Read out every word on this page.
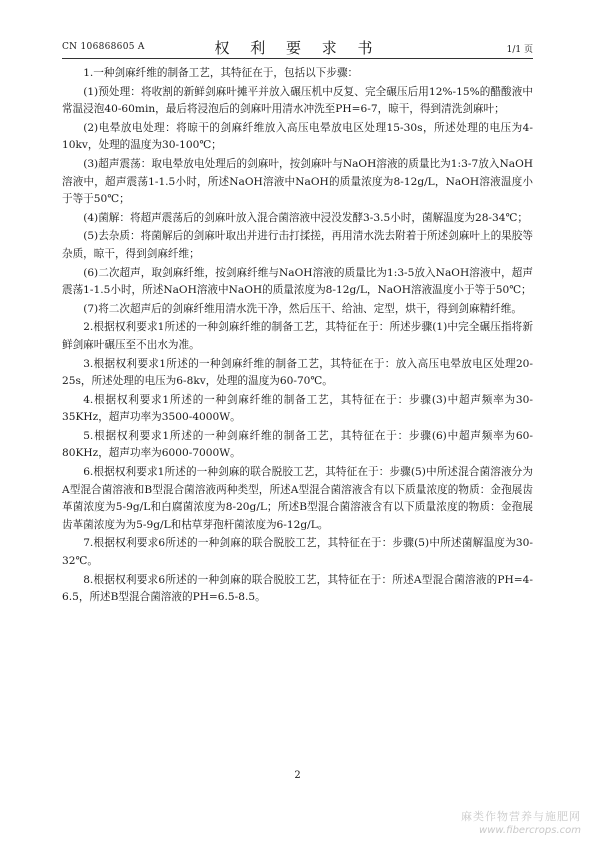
CN 106868605 A	权 利 要 求 书	1/1 页

1.一种剑麻纤维的制备工艺，其特征在于，包括以下步骤：

(1)预处理：将收割的新鲜剑麻叶摊平并放入碾压机中反复、完全碾压后用12%-15%的醋酸液中常温浸泡40-60min，最后将浸泡后的剑麻叶用清水冲洗至PH=6-7，晾干，得到清洗剑麻叶；

(2)电晕放电处理：将晾干的剑麻纤维放入高压电晕放电区处理15-30s，所述处理的电压为4-10kv，处理的温度为30-100℃；

(3)超声震荡：取电晕放电处理后的剑麻叶，按剑麻叶与NaOH溶液的质量比为1:3-7放入NaOH溶液中，超声震荡1-1.5小时，所述NaOH溶液中NaOH的质量浓度为8-12g/L，NaOH溶液温度小于等于50℃；

(4)菌解：将超声震荡后的剑麻叶放入混合菌溶液中浸没发酵3-3.5小时，菌解温度为28-34℃；

(5)去杂质：将菌解后的剑麻叶取出并进行击打揉搓，再用清水洗去附着于所述剑麻叶上的果胶等杂质，晾干，得到剑麻纤维；

(6)二次超声，取剑麻纤维，按剑麻纤维与NaOH溶液的质量比为1:3-5放入NaOH溶液中，超声震荡1-1.5小时，所述NaOH溶液中NaOH的质量浓度为8-12g/L，NaOH溶液温度小于等于50℃；

(7)将二次超声后的剑麻纤维用清水洗干净，然后压干、给油、定型，烘干，得到剑麻精纤维。

2.根据权利要求1所述的一种剑麻纤维的制备工艺，其特征在于：所述步骤(1)中完全碾压指将新鲜剑麻叶碾压至不出水为准。

3.根据权利要求1所述的一种剑麻纤维的制备工艺，其特征在于：放入高压电晕放电区处理20-25s，所述处理的电压为6-8kv，处理的温度为60-70℃。

4.根据权利要求1所述的一种剑麻纤维的制备工艺，其特征在于：步骤(3)中超声频率为30-35KHz，超声功率为3500-4000W。

5.根据权利要求1所述的一种剑麻纤维的制备工艺，其特征在于：步骤(6)中超声频率为60-80KHz，超声功率为6000-7000W。

6.根据权利要求1所述的一种剑麻的联合脱胶工艺，其特征在于：步骤(5)中所述混合菌溶液分为A型混合菌溶液和B型混合菌溶液两种类型，所述A型混合菌溶液含有以下质量浓度的物质：金孢展齿革菌浓度为5-9g/L和白腐菌浓度为8-20g/L；所述B型混合菌溶液含有以下质量浓度的物质：金孢展齿革菌浓度为为5-9g/L和枯草芽孢杆菌浓度为6-12g/L。

7.根据权利要求6所述的一种剑麻的联合脱胶工艺，其特征在于：步骤(5)中所述菌解温度为30-32℃。

8.根据权利要求6所述的一种剑麻的联合脱胶工艺，其特征在于：所述A型混合菌溶液的PH=4-6.5，所述B型混合菌溶液的PH=6.5-8.5。

2
麻类作物营养与施肥网
www.fibercrops.com
